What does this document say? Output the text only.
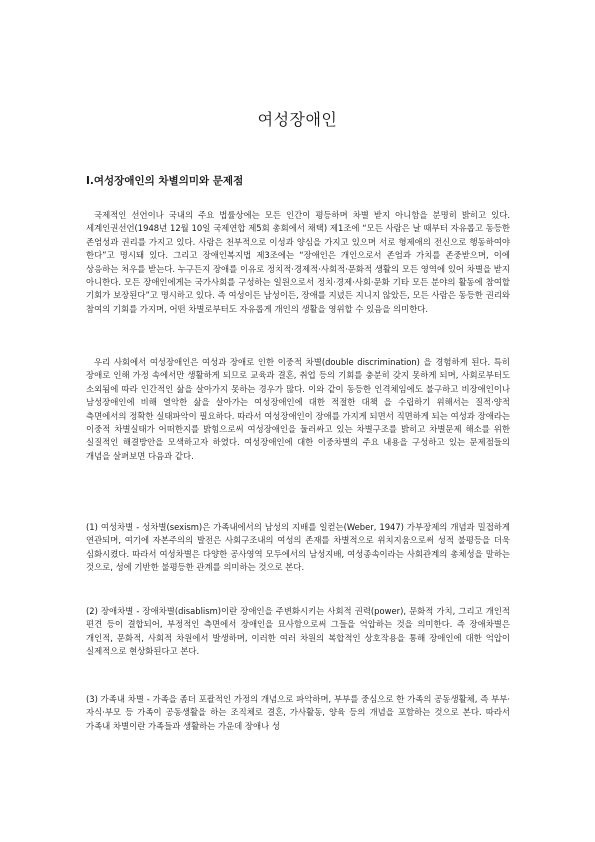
여성장애인
Ⅰ.여성장애인의 차별의미와 문제점

국제적인 선언이나 국내의 주요 법률상에는 모든 인간이 평등하며 차별 받지 아니함을 분명히 밝히고 있다. 세계인권선언(1948년 12월 10일 국제연합 제5회 총회에서 채택) 제1조에 “모든 사람은 날 때부터 자유롭고 동등한 존엄성과 권리를 가지고 있다. 사람은 천부적으로 이성과 양심을 가지고 있으며 서로 형제애의 전신으로 행동하여야 한다”고 명시돼 있다. 그리고 장애인복지법 제3조에는 “장애인은 개인으로서 존엄과 가치를 존중받으며, 이에 상응하는 처우를 받는다. 누구든지 장애를 이유로 정치적·경제적·사회적·문화적 생활의 모든 영역에 있어 차별을 받지 아니한다. 모든 장애인에게는 국가사회를 구성하는 일원으로서 정치·경제·사회·문화 기타 모든 분야의 활동에 참여할 기회가 보장된다”고 명시하고 있다. 즉 여성이든 남성이든, 장애를 지녔든 지니지 않았든, 모든 사람은 동등한 권리와 참여의 기회를 가지며, 어떤 차별로부터도 자유롭게 개인의 생활을 영위할 수 있음을 의미한다.

우리 사회에서 여성장애인은 여성과 장애로 인한 이중적 차별(double discrimination) 을 경험하게 된다. 특히 장애로 인해 가정 속에서만 생활하게 되므로 교육과 결혼, 취업 등의 기회를 충분히 갖지 못하게 되며, 사회로부터도 소외됨에 따라 인간적인 삶을 살아가지 못하는 경우가 많다. 이와 같이 동등한 인격체임에도 불구하고 비장애인이나 남성장애인에 비해 열악한 삶을 살아가는 여성장애인에 대한 적절한 대책 을 수립하기 위해서는 질적·양적 측면에서의 정확한 실태파악이 필요하다. 따라서 여성장애인이 장애를 가지게 되면서 직면하게 되는 여성과 장애라는 이중적 차별실태가 어떠한지를 밝힘으로써 여성장애인을 둘러싸고 있는 차별구조를 밝히고 차별문제 해소를 위한 실질적인 해결방안을 모색하고자 하였다. 여성장애인에 대한 이중차별의 주요 내용을 구성하고 있는 문제점들의 개념을 살펴보면 다음과 같다.

(1) 여성차별 - 성차별(sexism)은 가족내에서의 남성의 지배를 일컫는(Weber, 1947) 가부장제의 개념과 밀접하게 연관되며, 여기에 자본주의의 발전은 사회구조내의 여성의 존재를 차별적으로 위치지움으로써 성적 불평등을 더욱 심화시켰다. 따라서 여성차별은 다양한 공사영역 모두에서의 남성지배, 여성종속이라는 사회관계의 총체성을 말하는 것으로, 성에 기반한 불평등한 관계를 의미하는 것으로 본다.

(2) 장애차별 - 장애차별(disablism)이란 장애인을 주변화시키는 사회적 권력(power), 문화적 가치, 그리고 개인적 편견 등이 결합되어, 부정적인 측면에서 장애인을 묘사함으로써 그들을 억압하는 것을 의미한다. 즉 장애차별은 개인적, 문화적, 사회적 차원에서 발생하며, 이러한 여러 차원의 복합적인 상호작용을 통해 장애인에 대한 억압이 실제적으로 현상화된다고 본다.

(3) 가족내 차별 - 가족을 좀더 포괄적인 가정의 개념으로 파악하며, 부부를 중심으로 한 가족의 공동생활체, 즉 부부·자식·부모 등 가족이 공동생활을 하는 조직체로 결혼, 가사활동, 양육 등의 개념을 포함하는 것으로 본다. 따라서 가족내 차별이란 가족들과 생활하는 가운데 장애나 성
